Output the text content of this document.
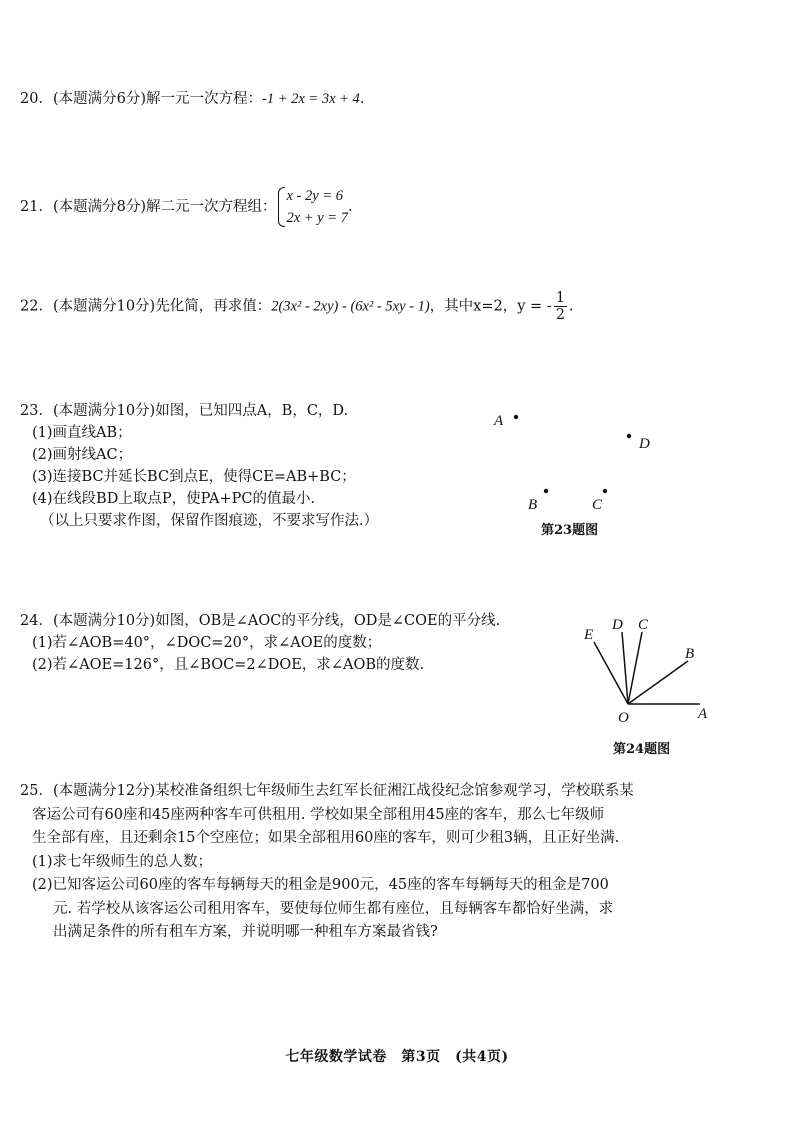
20．(本题满分6分)解一元一次方程：-1 + 2x = 3x + 4.
21．(本题满分8分)解二元一次方程组：
x - 2y = 6
2x + y = 7
.
22．(本题满分10分)先化简，再求值：2(3x² - 2xy) - (6x² - 5xy - 1)，其中x=2，y = - $\frac{1}{2}$ .
23．(本题满分10分)如图，已知四点A，B，C，D.
(1)画直线AB；
(2)画射线AC；
(3)连接BC并延长BC到点E，使得CE=AB+BC；
(4)在线段BD上取点P，使PA+PC的值最小.
（以上只要求作图，保留作图痕迹，不要求写作法.）
A
D
B	C
第23题图
24．(本题满分10分)如图，OB是∠AOC的平分线，OD是∠COE的平分线.
(1)若∠AOB=40°，∠DOC=20°，求∠AOE的度数；
(2)若∠AOE=126°，且∠BOC=2∠DOE，求∠AOB的度数.
E
D C
B
O	A
第24题图
25．(本题满分12分)某校准备组织七年级师生去红军长征湘江战役纪念馆参观学习，学校联系某
客运公司有60座和45座两种客车可供租用. 学校如果全部租用45座的客车，那么七年级师
生全部有座，且还剩余15个空座位；如果全部租用60座的客车，则可少租3辆，且正好坐满.
(1)求七年级师生的总人数；
(2)已知客运公司60座的客车每辆每天的租金是900元，45座的客车每辆每天的租金是700
元. 若学校从该客运公司租用客车，要使每位师生都有座位，且每辆客车都恰好坐满，求
出满足条件的所有租车方案，并说明哪一种租车方案最省钱?
七年级数学试卷　第3页　(共4页)
